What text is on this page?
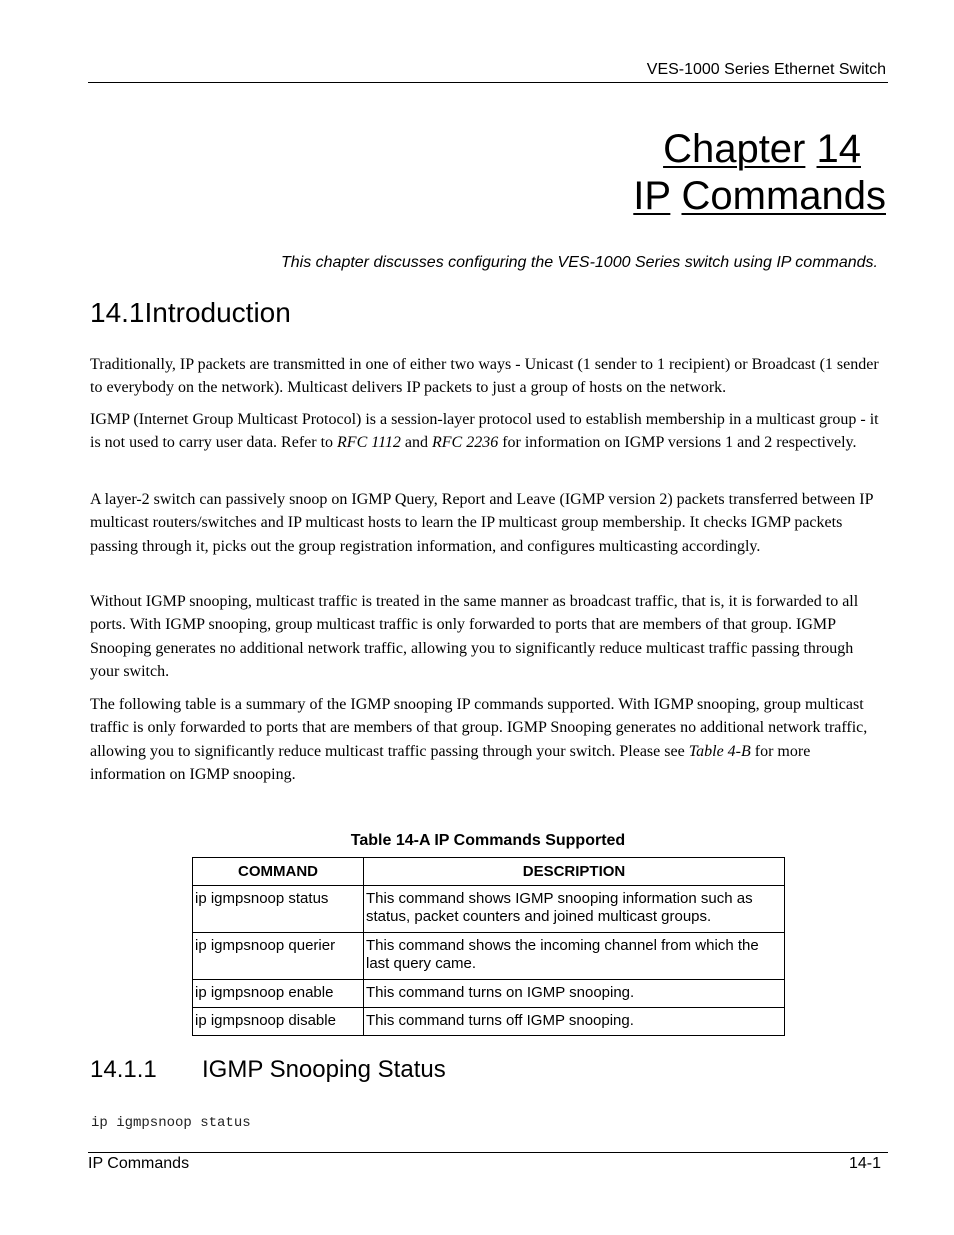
VES-1000 Series Ethernet Switch
Chapter 14
IP Commands
This chapter discusses configuring the VES-1000 Series switch using IP commands.
14.1Introduction

Traditionally, IP packets are transmitted in one of either two ways - Unicast (1 sender to 1 recipient) or Broadcast (1 sender to everybody on the network). Multicast delivers IP packets to just a group of hosts on the network.

IGMP (Internet Group Multicast Protocol) is a session-layer protocol used to establish membership in a multicast group - it is not used to carry user data. Refer to RFC 1112 and RFC 2236 for information on IGMP versions 1 and 2 respectively.

A layer-2 switch can passively snoop on IGMP Query, Report and Leave (IGMP version 2) packets transferred between IP multicast routers/switches and IP multicast hosts to learn the IP multicast group membership. It checks IGMP packets passing through it, picks out the group registration information, and configures multicasting accordingly.

Without IGMP snooping, multicast traffic is treated in the same manner as broadcast traffic, that is, it is forwarded to all ports. With IGMP snooping, group multicast traffic is only forwarded to ports that are members of that group. IGMP Snooping generates no additional network traffic, allowing you to significantly reduce multicast traffic passing through your switch.

The following table is a summary of the IGMP snooping IP commands supported. With IGMP snooping, group multicast traffic is only forwarded to ports that are members of that group. IGMP Snooping generates no additional network traffic, allowing you to significantly reduce multicast traffic passing through your switch. Please see Table 4-B for more information on IGMP snooping.

Table 14-A IP Commands Supported
COMMAND	DESCRIPTION
ip igmpsnoop status	This command shows IGMP snooping information such as status, packet counters and joined multicast groups.
ip igmpsnoop querier	This command shows the incoming channel from which the last query came.
ip igmpsnoop enable	This command turns on IGMP snooping.
ip igmpsnoop disable	This command turns off IGMP snooping.
14.1.1 IGMP Snooping Status
ip igmpsnoop status
IP Commands	14-1
